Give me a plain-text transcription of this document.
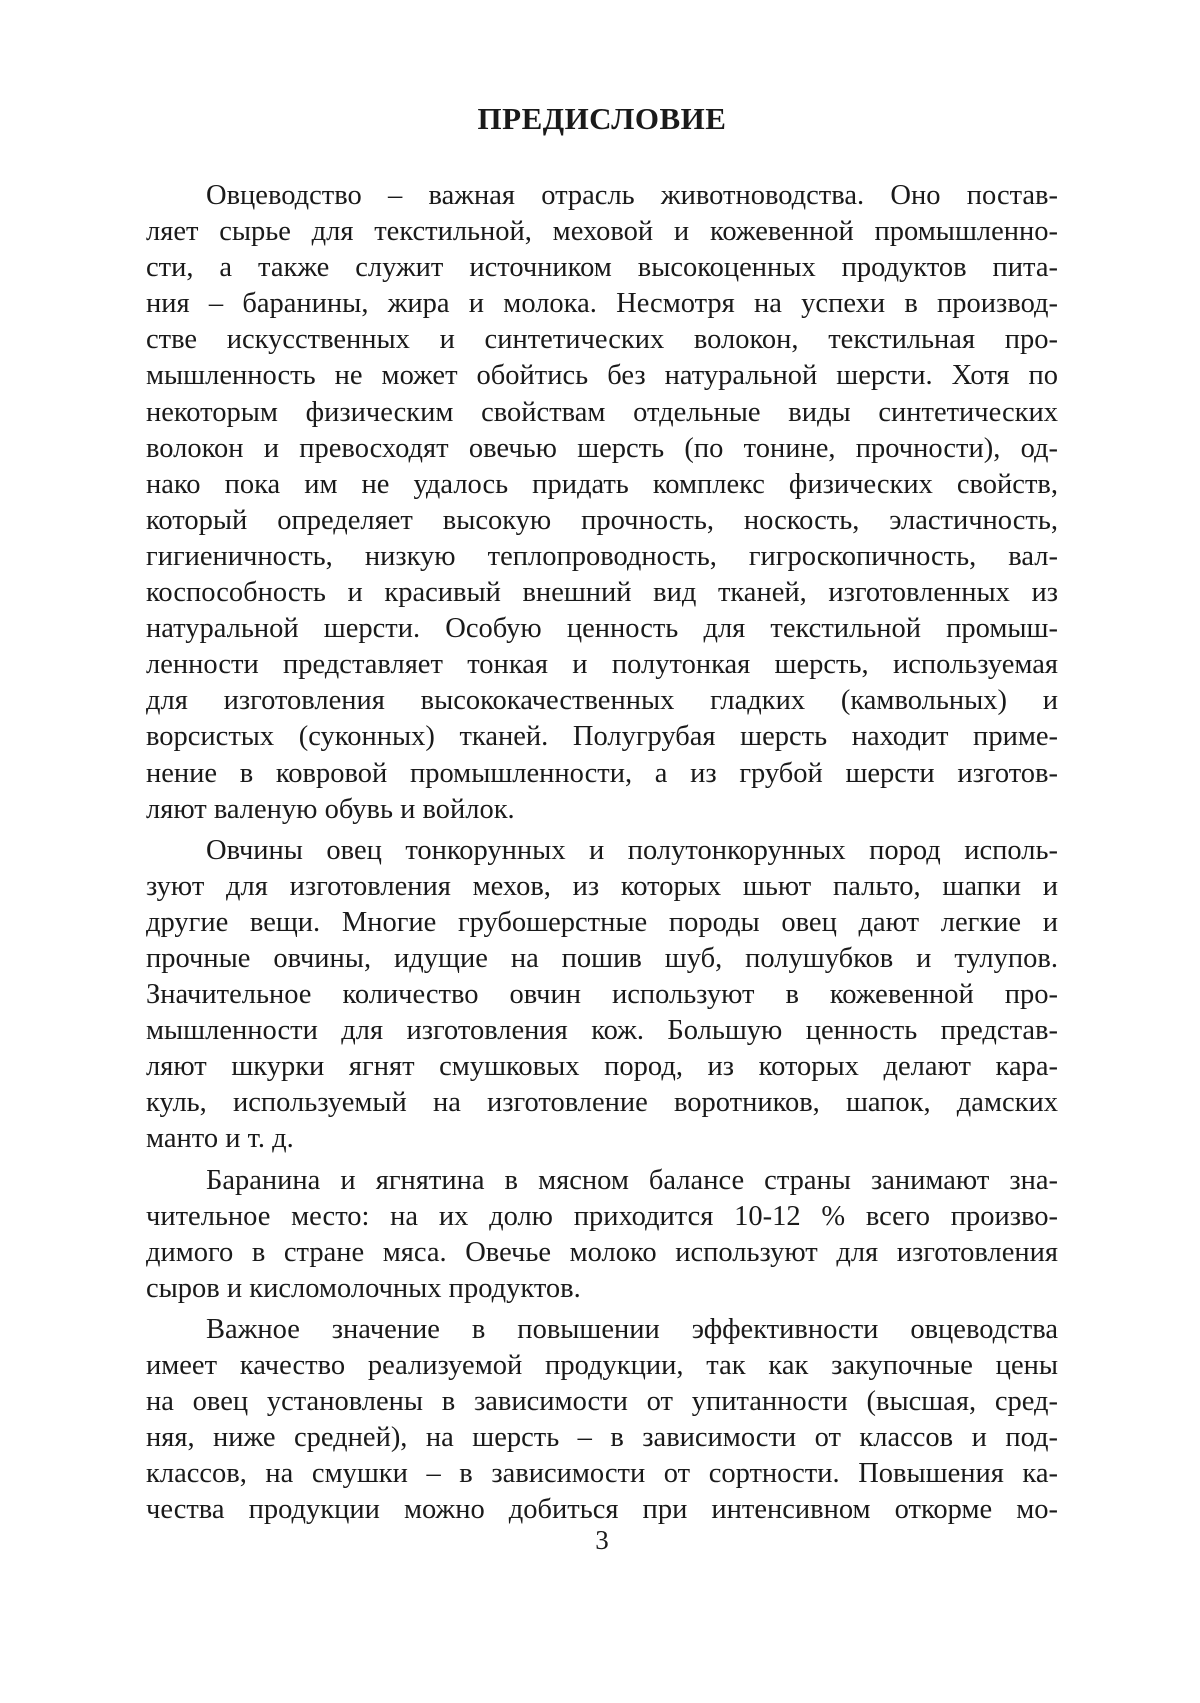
ПРЕДИСЛОВИЕ
Овцеводство – важная отрасль животноводства. Оно постав-
ляет сырье для текстильной, меховой и кожевенной промышленно-
сти, а также служит источником высокоценных продуктов пита-
ния – баранины, жира и молока. Несмотря на успехи в производ-
стве искусственных и синтетических волокон, текстильная про-
мышленность не может обойтись без натуральной шерсти. Хотя по
некоторым физическим свойствам отдельные виды синтетических
волокон и превосходят овечью шерсть (по тонине, прочности), од-
нако пока им не удалось придать комплекс физических свойств,
который определяет высокую прочность, носкость, эластичность,
гигиеничность, низкую теплопроводность, гигроскопичность, вал-
коспособность и красивый внешний вид тканей, изготовленных из
натуральной шерсти. Особую ценность для текстильной промыш-
ленности представляет тонкая и полутонкая шерсть, используемая
для изготовления высококачественных гладких (камвольных) и
ворсистых (суконных) тканей. Полугрубая шерсть находит приме-
нение в ковровой промышленности, а из грубой шерсти изготов-
ляют валеную обувь и войлок.
Овчины овец тонкорунных и полутонкорунных пород исполь-
зуют для изготовления мехов, из которых шьют пальто, шапки и
другие вещи. Многие грубошерстные породы овец дают легкие и
прочные овчины, идущие на пошив шуб, полушубков и тулупов.
Значительное количество овчин используют в кожевенной про-
мышленности для изготовления кож. Большую ценность представ-
ляют шкурки ягнят смушковых пород, из которых делают кара-
куль, используемый на изготовление воротников, шапок, дамских
манто и т. д.
Баранина и ягнятина в мясном балансе страны занимают зна-
чительное место: на их долю приходится 10-12 % всего произво-
димого в стране мяса. Овечье молоко используют для изготовления
сыров и кисломолочных продуктов.
Важное значение в повышении эффективности овцеводства
имеет качество реализуемой продукции, так как закупочные цены
на овец установлены в зависимости от упитанности (высшая, сред-
няя, ниже средней), на шерсть – в зависимости от классов и под-
классов, на смушки – в зависимости от сортности. Повышения ка-
чества продукции можно добиться при интенсивном откорме мо-
3
